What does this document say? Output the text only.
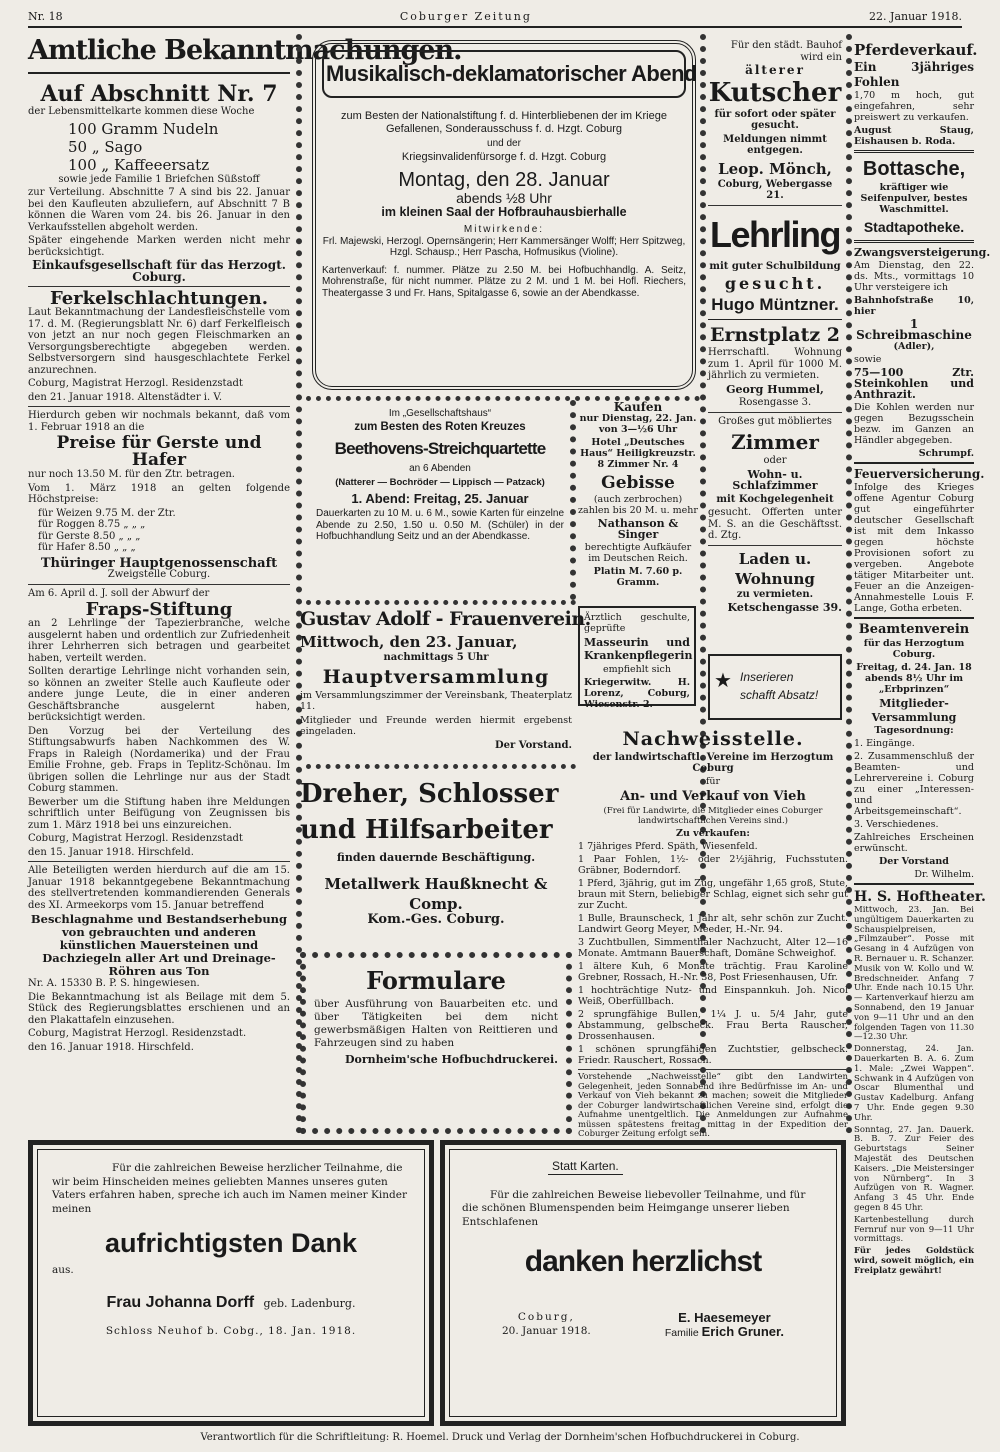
Nr. 18	Coburger Zeitung	22. Januar 1918.
Amtliche Bekanntmachungen.
Auf Abschnitt Nr. 7

der Lebensmittelkarte kommen diese Woche

100 Gramm Nudeln
50 „ Sago
100 „ Kaffeeersatz

sowie jede Familie 1 Briefchen Süßstoff

zur Verteilung. Abschnitte 7 A sind bis 22. Januar bei den Kaufleuten abzuliefern, auf Abschnitt 7 B können die Waren vom 24. bis 26. Januar in den Verkaufsstellen abgeholt werden.

Später eingehende Marken werden nicht mehr berücksichtigt.

Einkaufsgesellschaft für das Herzogt. Coburg.
Ferkelschlachtungen.

Laut Bekanntmachung der Landesfleischstelle vom 17. d. M. (Regierungsblatt Nr. 6) darf Ferkelfleisch von jetzt an nur noch gegen Fleischmarken an Versorgungsberechtigte abgegeben werden. Selbstversorgern sind hausgeschlachtete Ferkel anzurechnen.

Coburg, Magistrat Herzogl. Residenzstadt

den 21. Januar 1918. Altenstädter i. V.

Hierdurch geben wir nochmals bekannt, daß vom 1. Februar 1918 an die

Preise für Gerste und Hafer

nur noch 13.50 M. für den Ztr. betragen.

Vom 1. März 1918 an gelten folgende Höchstpreise:

für Weizen 9.75 M. der Ztr.
für Roggen 8.75 „ „ „
für Gerste 8.50 „ „ „
für Hafer 8.50 „ „ „
Thüringer Hauptgenossenschaft
Zweigstelle Coburg.

Am 6. April d. J. soll der Abwurf der

Fraps-Stiftung

an 2 Lehrlinge der Tapezierbranche, welche ausgelernt haben und ordentlich zur Zufriedenheit ihrer Lehrherren sich betragen und gearbeitet haben, verteilt werden.

Sollten derartige Lehrlinge nicht vorhanden sein, so können an zweiter Stelle auch Kaufleute oder andere junge Leute, die in einer anderen Geschäftsbranche ausgelernt haben, berücksichtigt werden.

Den Vorzug bei der Verteilung des Stiftungsabwurfs haben Nachkommen des W. Fraps in Raleigh (Nordamerika) und der Frau Emilie Frohne, geb. Fraps in Teplitz-Schönau. Im übrigen sollen die Lehrlinge nur aus der Stadt Coburg stammen.

Bewerber um die Stiftung haben ihre Meldungen schriftlich unter Beifügung von Zeugnissen bis zum 1. März 1918 bei uns einzureichen.

Coburg, Magistrat Herzogl. Residenzstadt

den 15. Januar 1918. Hirschfeld.

Alle Beteiligten werden hierdurch auf die am 15. Januar 1918 bekanntgegebene Bekanntmachung des stellvertretenden kommandierenden Generals des XI. Armeekorps vom 15. Januar betreffend

Beschlagnahme und Bestandserhebung von gebrauchten und anderen künstlichen Mauersteinen und Dachziegeln aller Art und Dreinage-Röhren aus Ton

Nr. A. 15330 B. P. S. hingewiesen.

Die Bekanntmachung ist als Beilage mit dem 5. Stück des Regierungsblattes erschienen und an den Plakattafeln einzusehen.

Coburg, Magistrat Herzogl. Residenzstadt.

den 16. Januar 1918. Hirschfeld.

Musikalisch-deklamatorischer Abend

zum Besten der Nationalstiftung f. d. Hinterbliebenen der im Kriege Gefallenen, Sonderausschuss f. d. Hzgt. Coburg

und der

Kriegsinvalidenfürsorge f. d. Hzgt. Coburg

Montag, den 28. Januar
abends ½8 Uhr
im kleinen Saal der Hofbrauhausbierhalle
Mitwirkende:

Frl. Majewski, Herzogl. Opernsängerin; Herr Kammersänger Wolff; Herr Spitzweg, Hzgl. Schausp.; Herr Pascha, Hofmusikus (Violine).

Kartenverkauf: f. nummer. Plätze zu 2.50 M. bei Hofbuchhandlg. A. Seitz, Mohrenstraße, für nicht nummer. Plätze zu 2 M. und 1 M. bei Hofl. Riechers, Theatergasse 3 und Fr. Hans, Spitalgasse 6, sowie an der Abendkasse.

Im „Gesellschaftshaus“

zum Besten des Roten Kreuzes

Beethovens-Streichquartette

an 6 Abenden

(Natterer — Bochröder — Lippisch — Patzack)

1. Abend: Freitag, 25. Januar

Dauerkarten zu 10 M. u. 6 M., sowie Karten für einzelne Abende zu 2.50, 1.50 u. 0.50 M. (Schüler) in der Hofbuchhandlung Seitz und an der Abendkasse.

Kaufen

nur Dienstag, 22. Jan. von 3—½6 Uhr

Hotel „Deutsches Haus“ Heiligkreuzstr. 8 Zimmer Nr. 4

Gebisse

(auch zerbrochen) zahlen bis 20 M. u. mehr

Nathanson & Singer

berechtigte Aufkäufer im Deutschen Reich.

Platin M. 7.60 p. Gramm.

Ärztlich geschulte, geprüfte

Masseurin und Krankenpflegerin

empfiehlt sich

Kriegerwitw. H. Lorenz, Coburg, Wiesenstr. 2.

Gustav Adolf - Frauenverein.
Mittwoch, den 23. Januar,
nachmittags 5 Uhr
Hauptversammlung

im Versammlungszimmer der Vereinsbank, Theaterplatz 11.

Mitglieder und Freunde werden hiermit ergebenst eingeladen.

Der Vorstand.
Dreher, Schlosser
und Hilfsarbeiter
finden dauernde Beschäftigung.
Metallwerk Haußknecht & Comp.
Kom.-Ges. Coburg.
Formulare

über Ausführung von Bauarbeiten etc. und über Tätigkeiten bei dem nicht gewerbsmäßigen Halten von Reittieren und Fahrzeugen sind zu haben

Dornheim'sche Hofbuchdruckerei.
Nachweisstelle.

der landwirtschaftl. Vereine im Herzogtum Coburg

für

An- und Verkauf von Vieh

(Frei für Landwirte, die Mitglieder eines Coburger landwirtschaftlichen Vereins sind.)

Zu verkaufen:

1 7jähriges Pferd. Späth, Wiesenfeld.

1 Paar Fohlen, 1½- oder 2½jährig, Fuchsstuten. Gräbner, Boderndorf.

1 Pferd, 3jährig, gut im Zug, ungefähr 1,65 groß, Stute, braun mit Stern, beliebiger Schlag, eignet sich sehr gut zur Zucht.

1 Bulle, Braunscheck, 1 Jahr alt, sehr schön zur Zucht. Landwirt Georg Meyer, Meeder, H.-Nr. 94.

3 Zuchtbullen, Simmenthaler Nachzucht, Alter 12—16 Monate. Amtmann Bauerschaft, Domäne Schweighof.

1 ältere Kuh, 6 Monate trächtig. Frau Karoline Grebner, Rossach, H.-Nr. 38, Post Friesenhausen, Ufr.

1 hochträchtige Nutz- und Einspannkuh. Joh. Nicol Weiß, Oberfüllbach.

2 sprungfähige Bullen, 1¼ J. u. 5/4 Jahr, gute Abstammung, gelbscheck. Frau Berta Rauscher, Drossenhausen.

1 schönen sprungfähigen Zuchtstier, gelbscheck. Friedr. Rauschert, Rossach.

Vorstehende „Nachweisstelle“ gibt den Landwirten Gelegenheit, jeden Sonnabend ihre Bedürfnisse im An- und Verkauf von Vieh bekannt zu machen; soweit die Mitglieder der Coburger landwirtschaftlichen Vereine sind, erfolgt die Aufnahme unentgeltlich. Die Anmeldungen zur Aufnahme müssen spätestens freitag mittag in der Expedition der Coburger Zeitung erfolgt sein.

Für den städt. Bauhof wird ein

älterer
Kutscher

für sofort oder später gesucht.

Meldungen nimmt entgegen.

Leop. Mönch,

Coburg, Webergasse 21.

Lehrling

mit guter Schulbildung

gesucht.
Hugo Müntzner.
Ernstplatz 2

Herrschaftl. Wohnung zum 1. April für 1000 M. jährlich zu vermieten.

Georg Hummel,

Rosengasse 3.

Großes gut möbliertes

Zimmer

oder

Wohn- u. Schlafzimmer

mit Kochgelegenheit

gesucht. Offerten unter M. S. an die Geschäftsst. d. Ztg.

Laden u. Wohnung

zu vermieten.

Ketschengasse 39.

★ Inserieren
schafft Absatz!
Pferdeverkauf.
Ein 3jähriges Fohlen

1,70 m hoch, gut eingefahren, sehr preiswert zu verkaufen.

August Staug, Eishausen b. Roda.

Bottasche,

kräftiger wie Seifenpulver, bestes Waschmittel.

Stadtapotheke.
Zwangsversteigerung.

Am Dienstag, den 22. ds. Mts., vormittags 10 Uhr versteigere ich

Bahnhofstraße 10, hier

1 Schreibmaschine

(Adler),

sowie

75—100 Ztr. Steinkohlen und Anthrazit.

Die Kohlen werden nur gegen Bezugsschein bezw. im Ganzen an Händler abgegeben.

Schrumpf.

Feuerversicherung.

Infolge des Krieges offene Agentur Coburg gut eingeführter deutscher Gesellschaft ist mit dem Inkasso gegen höchste Provisionen sofort zu vergeben. Angebote tätiger Mitarbeiter unt. Feuer an die Anzeigen-Annahmestelle Louis F. Lange, Gotha erbeten.

Beamtenverein

für das Herzogtum Coburg.

Freitag, d. 24. Jan. 18 abends 8½ Uhr im „Erbprinzen“

Mitglieder-Versammlung

Tagesordnung:

1. Eingänge.

2. Zusammenschluß der Beamten- und Lehrervereine i. Coburg zu einer „Interessen- und Arbeitsgemeinschaft“.

3. Verschiedenes.

Zahlreiches Erscheinen erwünscht.

Der Vorstand

Dr. Wilhelm.

H. S. Hoftheater.

Mittwoch, 23. Jan. Bei ungültigem Dauerkarten zu Schauspielpreisen, „Filmzauber“. Posse mit Gesang in 4 Aufzügen von R. Bernauer u. R. Schanzer. Musik von W. Kollo und W. Bredschneider. Anfang 7 Uhr. Ende nach 10.15 Uhr. — Kartenverkauf hierzu am Sonnabend, den 19 Januar von 9—11 Uhr und an den folgenden Tagen von 11.30—12.30 Uhr.

Donnerstag, 24. Jan. Dauerkarten B. A. 6. Zum 1. Male: „Zwei Wappen“. Schwank in 4 Aufzügen von Oscar Blumenthal und Gustav Kadelburg. Anfang 7 Uhr. Ende gegen 9.30 Uhr.

Sonntag, 27. Jan. Dauerk. B. B. 7. Zur Feier des Geburtstags Seiner Majestät des Deutschen Kaisers. „Die Meistersinger von Nürnberg“. In 3 Aufzügen von R. Wagner. Anfang 3 45 Uhr. Ende gegen 8 45 Uhr.

Kartenbestellung durch Fernruf nur von 9—11 Uhr vormittags.

Für jedes Goldstück wird, soweit möglich, ein Freiplatz gewährt!

Für die zahlreichen Beweise herzlicher Teilnahme, die wir beim Hinscheiden meines geliebten Mannes unseres guten Vaters erfahren haben, spreche ich auch im Namen meiner Kinder meinen

aufrichtigsten Dank

aus.

Frau Johanna Dorff geb. Ladenburg.

Schloss Neuhof b. Cobg., 18. Jan. 1918.

Statt Karten.

Für die zahlreichen Beweise liebevoller Teilnahme, und für die schönen Blumenspenden beim Heimgange unserer lieben Entschlafenen

danken herzlichst
Coburg,
20. Januar 1918.
E. Haesemeyer
Familie Erich Gruner.
Verantwortlich für die Schriftleitung: R. Hoemel. Druck und Verlag der Dornheim'schen Hofbuchdruckerei in Coburg.
